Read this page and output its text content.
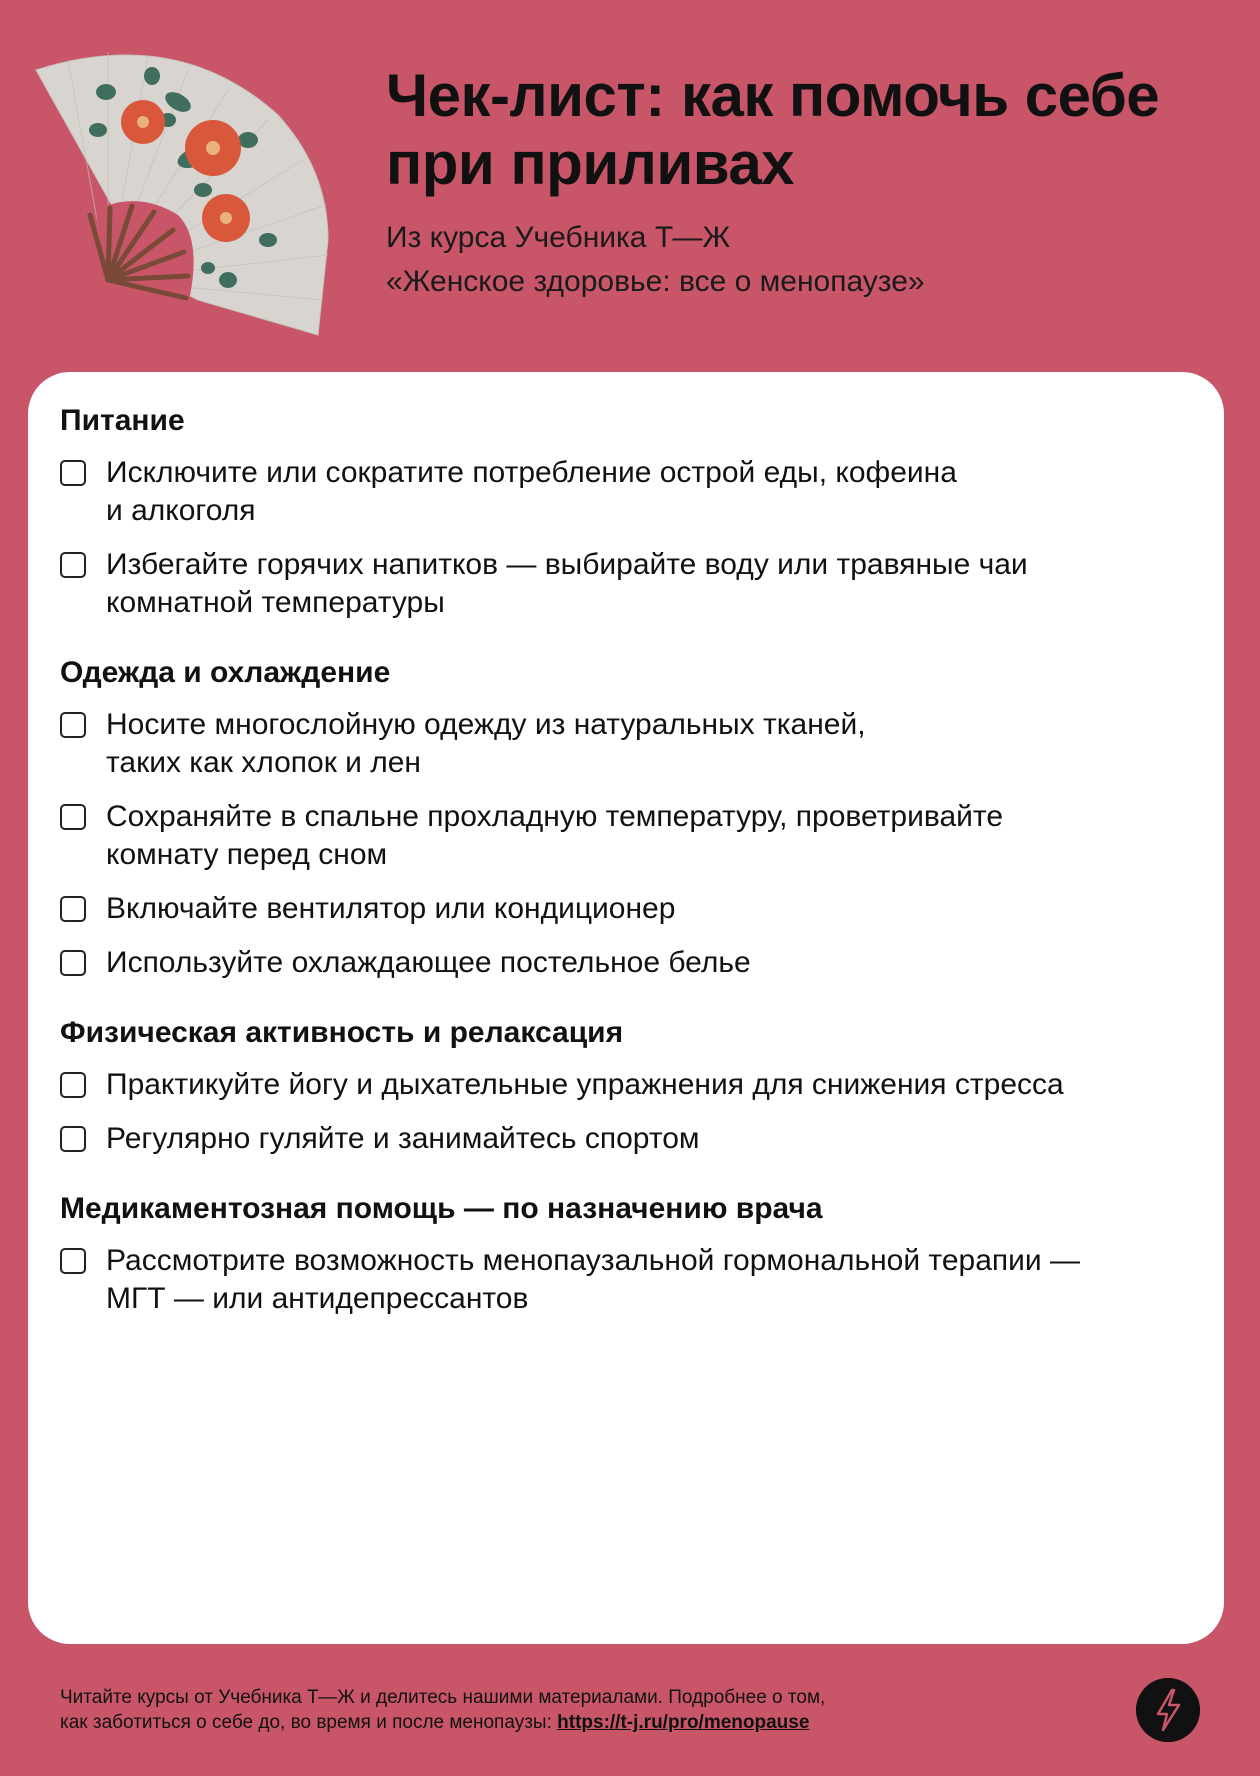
Чек-лист: как помочь себе
при приливах
Из курса Учебника Т—Ж
«Женское здоровье: все о менопаузе»
Питание
Исключите или сократите потребление острой еды, кофеина
и алкоголя
Избегайте горячих напитков — выбирайте воду или травяные чаи
комнатной температуры
Одежда и охлаждение
Носите многослойную одежду из натуральных тканей,
таких как хлопок и лен
Сохраняйте в спальне прохладную температуру, проветривайте
комнату перед сном
Включайте вентилятор или кондиционер
Используйте охлаждающее постельное белье
Физическая активность и релаксация
Практикуйте йогу и дыхательные упражнения для снижения стресса
Регулярно гуляйте и занимайтесь спортом
Медикаментозная помощь — по назначению врача
Рассмотрите возможность менопаузальной гормональной терапии —
МГТ — или антидепрессантов
Читайте курсы от Учебника Т—Ж и делитесь нашими материалами. Подробнее о том,
как заботиться о себе до, во время и после менопаузы: https://t-j.ru/pro/menopause
